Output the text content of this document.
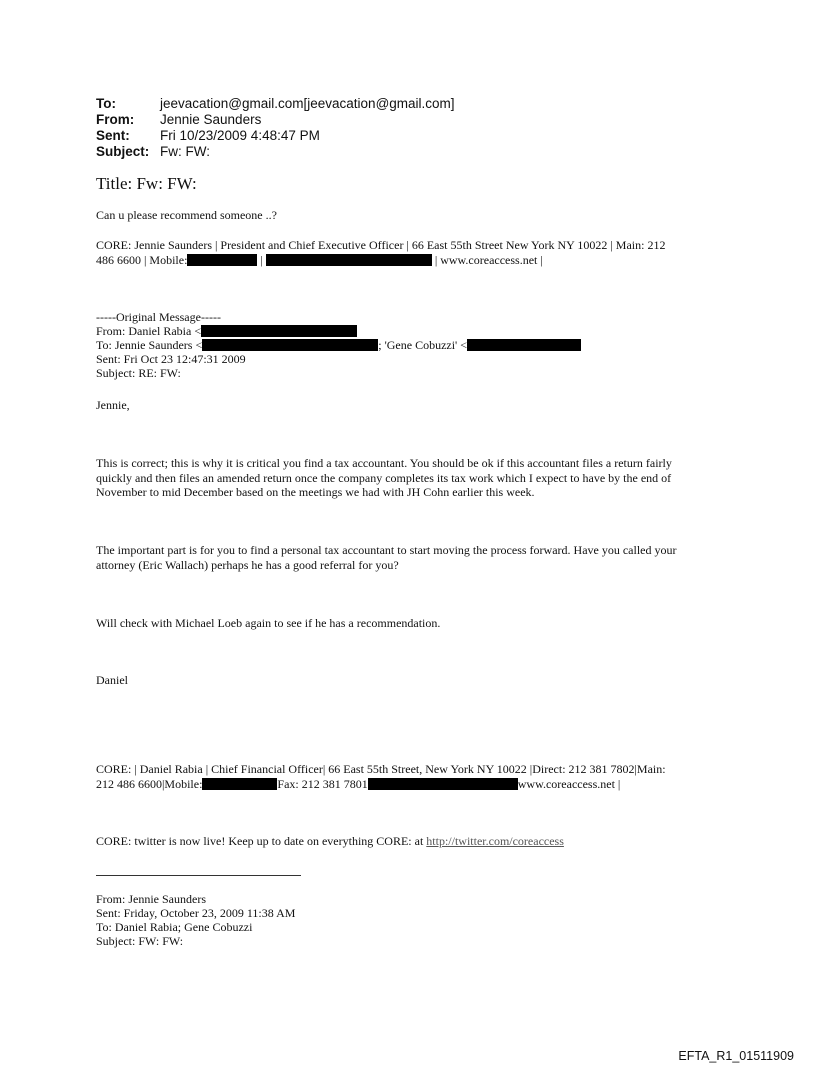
To:	jeevacation@gmail.com[jeevacation@gmail.com]
From:	Jennie Saunders
Sent:	Fri 10/23/2009 4:48:47 PM
Subject: Fw: FW:
Title: Fw: FW:
Can u please recommend someone ..?
CORE: Jennie Saunders | President and Chief Executive Officer | 66 East 55th Street New York NY 10022 | Main: 212
486 6600 | Mobile:	|	| www.coreaccess.net |
-----Original Message-----
From: Daniel Rabia <
To: Jennie Saunders <	; 'Gene Cobuzzi' <
Sent: Fri Oct 23 12:47:31 2009
Subject: RE: FW:
Jennie,
This is correct; this is why it is critical you find a tax accountant. You should be ok if this accountant files a return fairly
quickly and then files an amended return once the company completes its tax work which I expect to have by the end of
November to mid December based on the meetings we had with JH Cohn earlier this week.
The important part is for you to find a personal tax accountant to start moving the process forward. Have you called your
attorney (Eric Wallach) perhaps he has a good referral for you?
Will check with Michael Loeb again to see if he has a recommendation.
Daniel
CORE: | Daniel Rabia | Chief Financial Officer| 66 East 55th Street, New York NY 10022 |Direct: 212 381 7802|Main:
212 486 6600|Mobile:	Fax: 212 381 7801	www.coreaccess.net |
CORE: twitter is now live! Keep up to date on everything CORE: at http://twitter.com/coreaccess
From: Jennie Saunders
Sent: Friday, October 23, 2009 11:38 AM
To: Daniel Rabia; Gene Cobuzzi
Subject: FW: FW:
EFTA_R1_01511909
